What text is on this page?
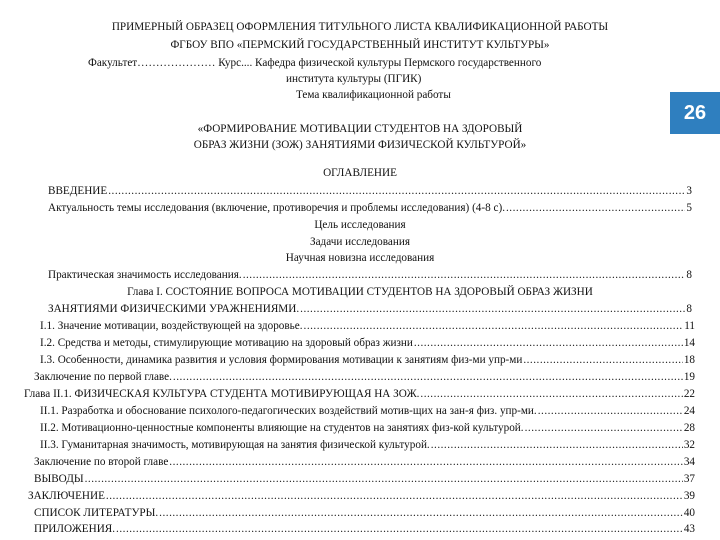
26
ПРИМЕРНЫЙ ОБРАЗЕЦ ОФОРМЛЕНИЯ ТИТУЛЬНОГО ЛИСТА КВАЛИФИКАЦИОННОЙ РАБОТЫ
ФГБОУ ВПО «ПЕРМСКИЙ ГОСУДАРСТВЕННЫЙ ИНСТИТУТ КУЛЬТУРЫ»
Факультет………………… Курс.... Кафедра физической культуры Пермского государственного
института культуры (ПГИК)
Тема квалификационной работы
«ФОРМИРОВАНИЕ МОТИВАЦИИ СТУДЕНТОВ НА ЗДОРОВЫЙ
ОБРАЗ ЖИЗНИ (ЗОЖ) ЗАНЯТИЯМИ ФИЗИЧЕСКОЙ КУЛЬТУРОЙ»
ОГЛАВЛЕНИЕ
ВВЕДЕНИЕ .....	3
Актуальность темы исследования (включение, противоречия и проблемы исследования) (4-8 с). .....	5
Цель исследования
Задачи исследования
Научная новизна исследования
Практическая значимость исследования. .....	8
Глава I. СОСТОЯНИЕ ВОПРОСА МОТИВАЦИИ СТУДЕНТОВ НА ЗДОРОВЫЙ ОБРАЗ ЖИЗНИ
ЗАНЯТИЯМИ ФИЗИЧЕСКИМИ УРАЖНЕНИЯМИ. .....	8
I.1. Значение мотивации, воздействующей на здоровье. .....	11
I.2. Средства и методы, стимулирующие мотивацию на здоровый образ жизни .....	14
I.3. Особенности, динамика развития и условия формирования мотивации к занятиям физ-ми упр-ми .....	18
Заключение по первой главе. .....	19
Глава II.1. ФИЗИЧЕСКАЯ КУЛЬТУРА СТУДЕНТА МОТИВИРУЮЩАЯ НА ЗОЖ. .....	22
II.1. Разработка и обоснование психолого-педагогических воздействий мотив-щих на зан-я физ. упр-ми. .....	24
II.2. Мотивационно-ценностные компоненты влияющие на студентов на занятиях физ-кой культурой. .....	28
II.3. Гуманитарная значимость, мотивирующая на занятия физической культурой. .....	32
Заключение по второй главе .....	34
ВЫВОДЫ .....	37
ЗАКЛЮЧЕНИЕ .....	39
СПИСОК ЛИТЕРАТУРЫ. .....	40
ПРИЛОЖЕНИЯ. .....	43
